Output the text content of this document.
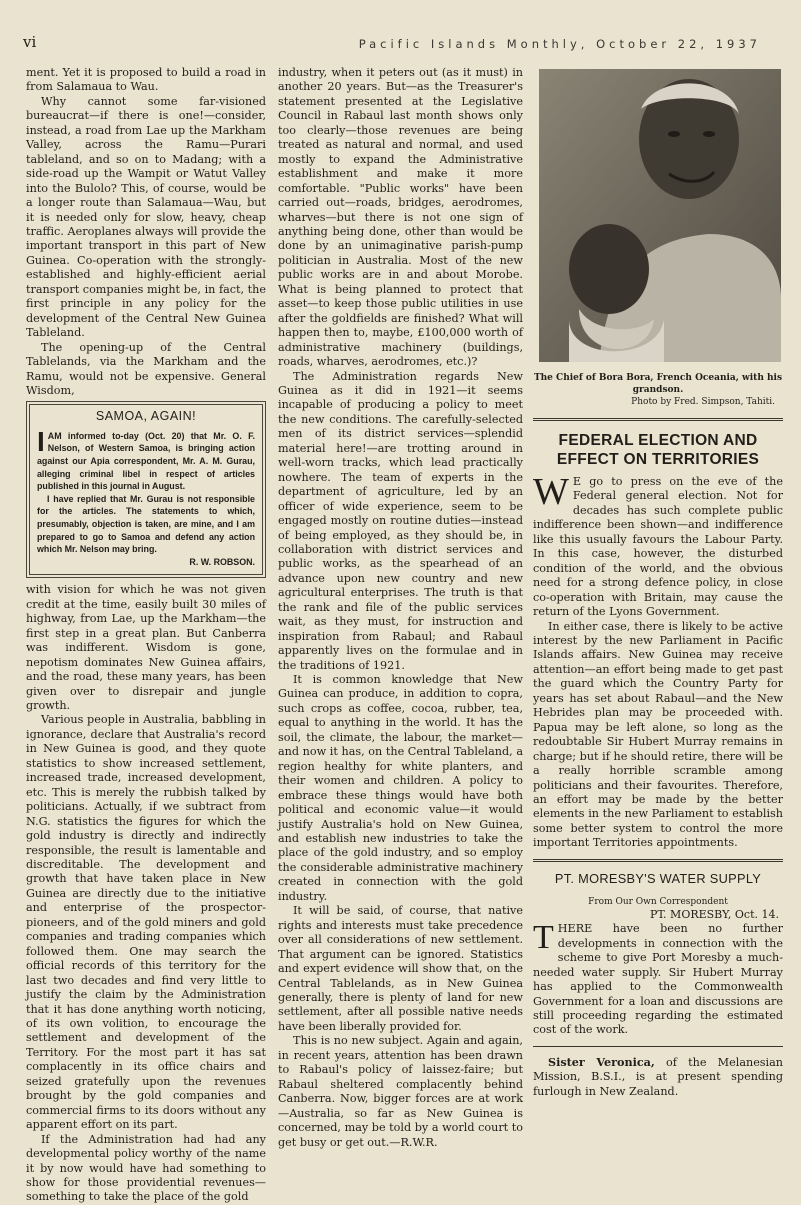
vi	Pacific Islands Monthly, October 22, 1937

ment. Yet it is proposed to build a road in from Salamaua to Wau.

Why cannot some far-visioned bureaucrat—if there is one!—consider, instead, a road from Lae up the Markham Valley, across the Ramu—Purari tableland, and so on to Madang; with a side-road up the Wampit or Watut Valley into the Bulolo? This, of course, would be a longer route than Salamaua—Wau, but it is needed only for slow, heavy, cheap traffic. Aeroplanes always will provide the important transport in this part of New Guinea. Co-operation with the strongly-established and highly-efficient aerial transport companies might be, in fact, the first principle in any policy for the development of the Central New Guinea Tableland.

The opening-up of the Central Tablelands, via the Markham and the Ramu, would not be expensive. General Wisdom,

SAMOA, AGAIN!

IAM informed to-day (Oct. 20) that Mr. O. F. Nelson, of Western Samoa, is bringing action against our Apia correspondent, Mr. A. M. Gurau, alleging criminal libel in respect of articles published in this journal in August.

I have replied that Mr. Gurau is not responsible for the articles. The statements to which, presumably, objection is taken, are mine, and I am prepared to go to Samoa and defend any action which Mr. Nelson may bring.

R. W. ROBSON.

with vision for which he was not given credit at the time, easily built 30 miles of highway, from Lae, up the Markham—the first step in a great plan. But Canberra was indifferent. Wisdom is gone, nepotism dominates New Guinea affairs, and the road, these many years, has been given over to disrepair and jungle growth.

Various people in Australia, babbling in ignorance, declare that Australia's record in New Guinea is good, and they quote statistics to show increased settlement, increased trade, increased development, etc. This is merely the rubbish talked by politicians. Actually, if we subtract from N.G. statistics the figures for which the gold industry is directly and indirectly responsible, the result is lamentable and discreditable. The development and growth that have taken place in New Guinea are directly due to the initiative and enterprise of the prospector-pioneers, and of the gold miners and gold companies and trading companies which followed them. One may search the official records of this territory for the last two decades and find very little to justify the claim by the Administration that it has done anything worth noticing, of its own volition, to encourage the settlement and development of the Territory. For the most part it has sat complacently in its office chairs and seized gratefully upon the revenues brought by the gold companies and commercial firms to its doors without any apparent effort on its part.

If the Administration had had any developmental policy worthy of the name it by now would have had something to show for those providential revenues—something to take the place of the gold

industry, when it peters out (as it must) in another 20 years. But—as the Treasurer's statement presented at the Legislative Council in Rabaul last month shows only too clearly—those revenues are being treated as natural and normal, and used mostly to expand the Administrative establishment and make it more comfortable. "Public works" have been carried out—roads, bridges, aerodromes, wharves—but there is not one sign of anything being done, other than would be done by an unimaginative parish-pump politician in Australia. Most of the new public works are in and about Morobe. What is being planned to protect that asset—to keep those public utilities in use after the goldfields are finished? What will happen then to, maybe, £100,000 worth of administrative machinery (buildings, roads, wharves, aerodromes, etc.)?

The Administration regards New Guinea as it did in 1921—it seems incapable of producing a policy to meet the new conditions. The carefully-selected men of its district services—splendid material here!—are trotting around in well-worn tracks, which lead practically nowhere. The team of experts in the department of agriculture, led by an officer of wide experience, seem to be engaged mostly on routine duties—instead of being employed, as they should be, in collaboration with district services and public works, as the spearhead of an advance upon new country and new agricultural enterprises. The truth is that the rank and file of the public services wait, as they must, for instruction and inspiration from Rabaul; and Rabaul apparently lives on the formulae and in the traditions of 1921.

It is common knowledge that New Guinea can produce, in addition to copra, such crops as coffee, cocoa, rubber, tea, equal to anything in the world. It has the soil, the climate, the labour, the market—and now it has, on the Central Tableland, a region healthy for white planters, and their women and children. A policy to embrace these things would have both political and economic value—it would justify Australia's hold on New Guinea, and establish new industries to take the place of the gold industry, and so employ the considerable administrative machinery created in connection with the gold industry.

It will be said, of course, that native rights and interests must take precedence over all considerations of new settlement. That argument can be ignored. Statistics and expert evidence will show that, on the Central Tablelands, as in New Guinea generally, there is plenty of land for new settlement, after all possible native needs have been liberally provided for.

This is no new subject. Again and again, in recent years, attention has been drawn to Rabaul's policy of laissez-faire; but Rabaul sheltered complacently behind Canberra. Now, bigger forces are at work—Australia, so far as New Guinea is concerned, may be told by a world court to get busy or get out.—R.W.R.

The Chief of Bora Bora, French Oceania, with his grandson.
Photo by Fred. Simpson, Tahiti.
FEDERAL ELECTION AND EFFECT ON TERRITORIES

W E go to press on the eve of the Federal general election. Not for decades has such complete public indifference been shown—and indifference like this usually favours the Labour Party. In this case, however, the disturbed condition of the world, and the obvious need for a strong defence policy, in close co-operation with Britain, may cause the return of the Lyons Government.

In either case, there is likely to be active interest by the new Parliament in Pacific Islands affairs. New Guinea may receive attention—an effort being made to get past the guard which the Country Party for years has set about Rabaul—and the New Hebrides plan may be proceeded with. Papua may be left alone, so long as the redoubtable Sir Hubert Murray remains in charge; but if he should retire, there will be a really horrible scramble among politicians and their favourites. Therefore, an effort may be made by the better elements in the new Parliament to establish some better system to control the more important Territories appointments.

PT. MORESBY'S WATER SUPPLY
From Our Own Correspondent
PT. MORESBY, Oct. 14.

THERE have been no further developments in connection with the scheme to give Port Moresby a much-needed water supply. Sir Hubert Murray has applied to the Commonwealth Government for a loan and discussions are still proceeding regarding the estimated cost of the work.

Sister Veronica, of the Melanesian Mission, B.S.I., is at present spending furlough in New Zealand.
